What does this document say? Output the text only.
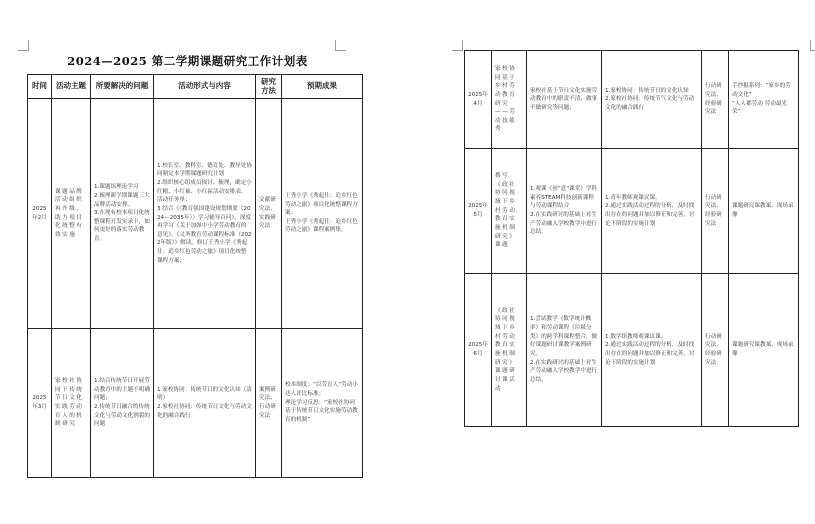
2024—2025 第二学期课题研究工作计划表
时间	活动主题	所要解决的问题	活动形式与内容	研究方法	预期成果
2025年2月	课题品牌活动组织再升级，助力项目化统整有效实施	1.课题组理论学习
2.梳理新学期课题三大品牌活动安排。
3.在现有校本项目化统整课程开发实录下，如何更好的落实劳动教育。	1.校长室、教科室、德育处、教导处协同制定本学期课题研究计划
2.组织核心组成员探讨、梳理，确定小红帽、小红袖、小红區活动安排表、活动任务单；
3.结合《〈教育强国建设规划纲要（2024—2035年）〉学习辅导百问》、深度再学习《关于加强中小学劳动教育的意见》、《义务教育劳动课程标准（2022年版）》解读。修订王秀小学《秀起仕：追乡红色劳动之旅》项目化统整课程方案；	文献研究法、实践研究法	王秀小学《秀起仕：追乡红色劳动之旅》项目化统整课程方案；
王秀小学《秀起仕：追乡红色劳动之旅》课程案例集。
2025年3月	家校社协同下传统节日文化实践劳动育人的机制研究	1.结合传统节日开展劳动教育中的主题不明确问题；
2.传统节日融合的传统文化与劳动文化割裂的问题	1.家校协同：传统节日的文化认知（清明）
2.家校社协同：传统节日文化与劳动文化的融合践行	案例研究法、行动研究法	校本制度：“以劳育人”劳动小达人评比标准；
理论学习反思：“家校社协同基于传统节日文化实施劳动教育的机制”
2025年4月	家校协同基于乡村劳动教育研究——劳动技能秀	家校社基于节日文化实施劳动教育中的职责不清、做事不做研究等问题；	1.家校协同：传统节日的文化认知
2.家校社协同：传统节气文化与劳动文化的融合践行	行动研究法、经验研究法	手抄报系列：“家乡的劳动文化”
“人人都劳动 劳动最光荣”
2025年5月	撰写《政社协同视域下乡村劳动教育实施机制研究》课题	1.观课《创“意”课堂》学科素养STEAM科技创新课程与劳动课程结合
2.在实践研讨的基础上对生产劳动融入学校教学中进行总结。	1.青年教师观课议课。
2.通过实践活动过程的分析，及时找出存在的问题并加以修正和完善，讨论下阶段的实施计划	行动研究法、经验研究法	课题研究课教案、现场录像
2025年6月	《政社协同视域下乡村劳动教育实施机制研究》课题研讨课活动	1.尝试教学《数学统计概率》和劳动课程《垃圾分类》的跨学科课程整合，做好课题研讨课教学案例研究。
2.在实践研讨的基础上对生产劳动融入学校教学中进行总结。	1.数学组教师观课议课。
2.通过实践活动过程的分析，及时找出存在的问题并加以修正和完善，讨论下阶段的实施计划	行动研究法、经验研究法	课题研究课教案、现场录像
